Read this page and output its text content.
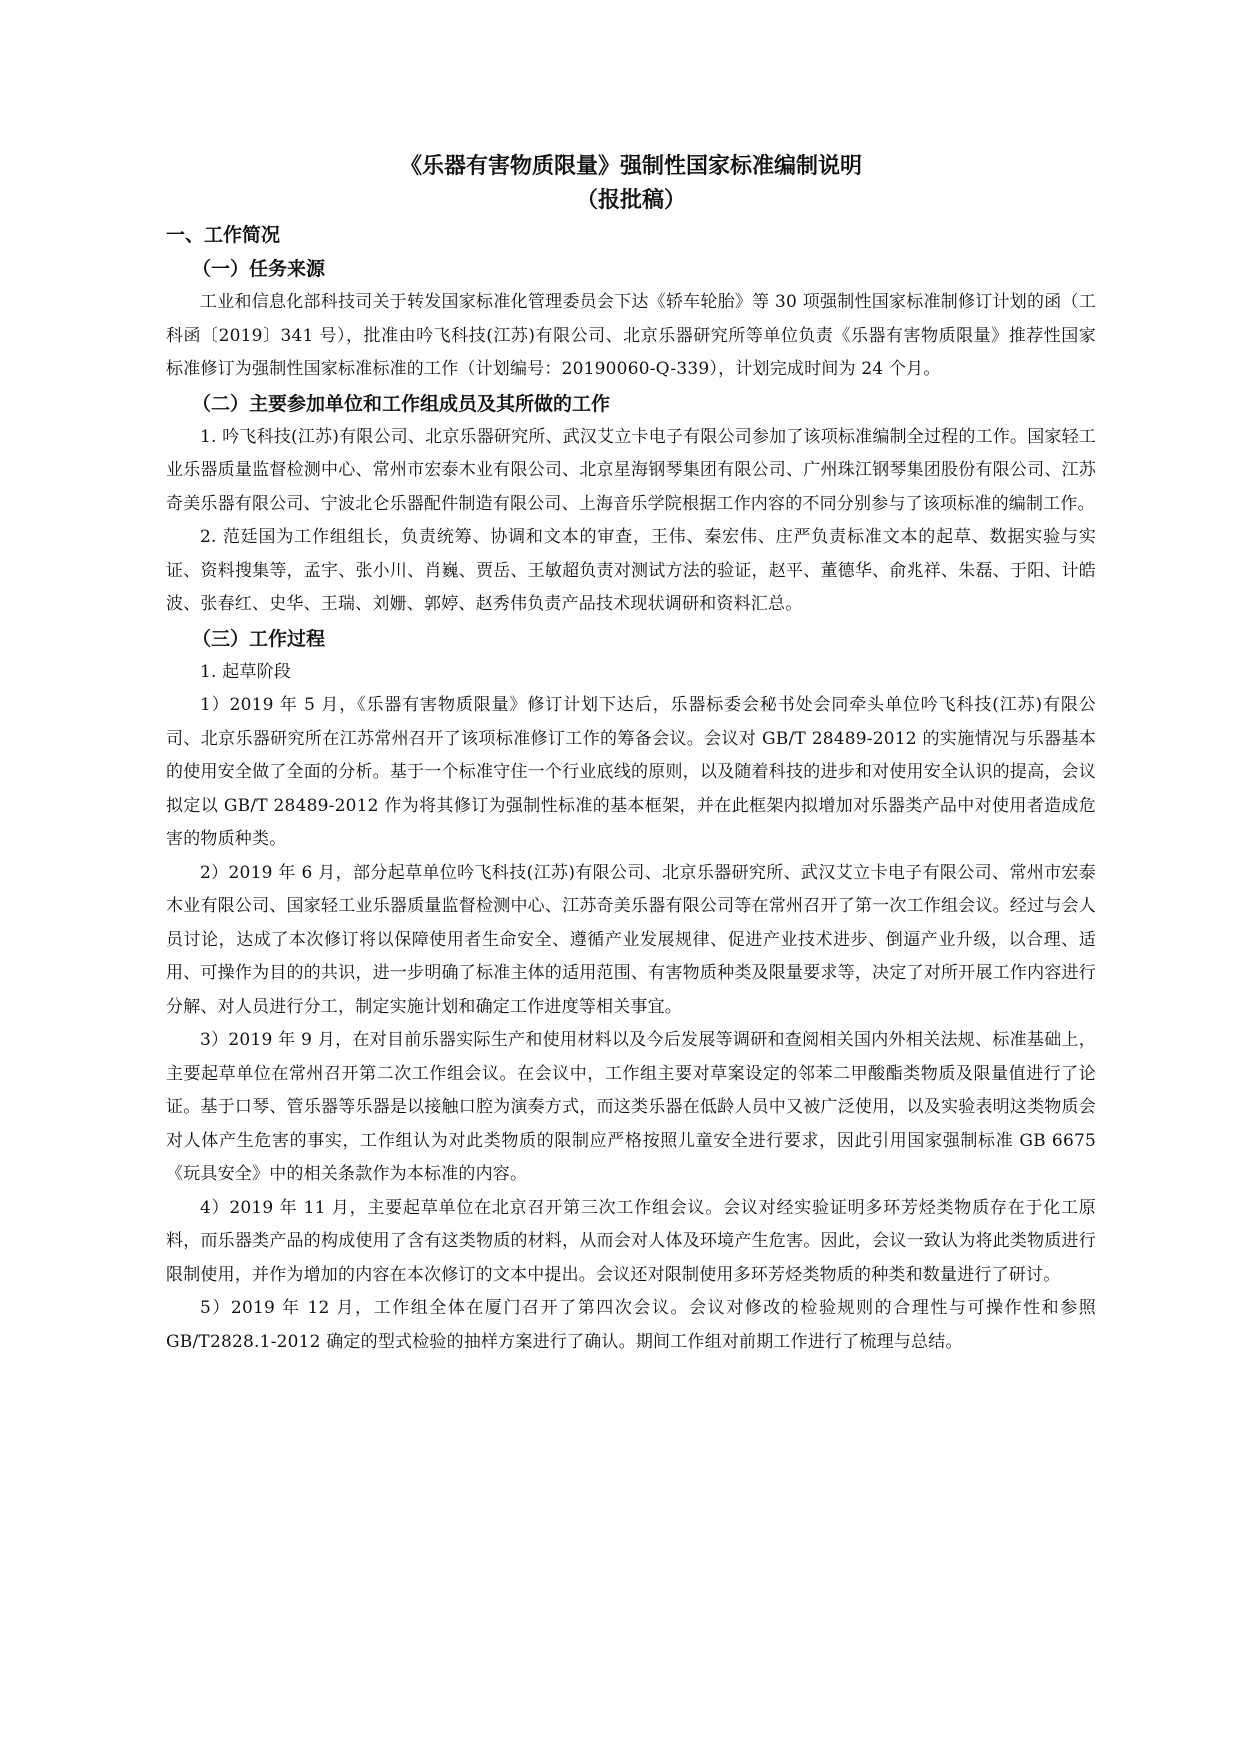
《乐器有害物质限量》强制性国家标准编制说明

（报批稿）

一、工作简况

（一）任务来源

工业和信息化部科技司关于转发国家标准化管理委员会下达《轿车轮胎》等 30 项强制性国家标准制修订计划的函（工科函〔2019〕341 号），批准由吟飞科技(江苏)有限公司、北京乐器研究所等单位负责《乐器有害物质限量》推荐性国家标准修订为强制性国家标准标准的工作（计划编号：20190060-Q-339），计划完成时间为 24 个月。

（二）主要参加单位和工作组成员及其所做的工作

1. 吟飞科技(江苏)有限公司、北京乐器研究所、武汉艾立卡电子有限公司参加了该项标准编制全过程的工作。国家轻工业乐器质量监督检测中心、常州市宏泰木业有限公司、北京星海钢琴集团有限公司、广州珠江钢琴集团股份有限公司、江苏奇美乐器有限公司、宁波北仑乐器配件制造有限公司、上海音乐学院根据工作内容的不同分别参与了该项标准的编制工作。

2. 范廷国为工作组组长，负责统筹、协调和文本的审查，王伟、秦宏伟、庄严负责标准文本的起草、数据实验与实证、资料搜集等，孟宇、张小川、肖巍、贾岳、王敏超负责对测试方法的验证，赵平、董德华、俞兆祥、朱磊、于阳、计皓波、张春红、史华、王瑞、刘姗、郭婷、赵秀伟负责产品技术现状调研和资料汇总。

（三）工作过程

1. 起草阶段

1）2019 年 5 月，《乐器有害物质限量》修订计划下达后，乐器标委会秘书处会同牵头单位吟飞科技(江苏)有限公司、北京乐器研究所在江苏常州召开了该项标准修订工作的筹备会议。会议对 GB/T 28489-2012 的实施情况与乐器基本的使用安全做了全面的分析。基于一个标准守住一个行业底线的原则，以及随着科技的进步和对使用安全认识的提高，会议拟定以 GB/T 28489-2012 作为将其修订为强制性标准的基本框架，并在此框架内拟增加对乐器类产品中对使用者造成危害的物质种类。

2）2019 年 6 月，部分起草单位吟飞科技(江苏)有限公司、北京乐器研究所、武汉艾立卡电子有限公司、常州市宏泰木业有限公司、国家轻工业乐器质量监督检测中心、江苏奇美乐器有限公司等在常州召开了第一次工作组会议。经过与会人员讨论，达成了本次修订将以保障使用者生命安全、遵循产业发展规律、促进产业技术进步、倒逼产业升级，以合理、适用、可操作为目的的共识，进一步明确了标准主体的适用范围、有害物质种类及限量要求等，决定了对所开展工作内容进行分解、对人员进行分工，制定实施计划和确定工作进度等相关事宜。

3）2019 年 9 月，在对目前乐器实际生产和使用材料以及今后发展等调研和查阅相关国内外相关法规、标准基础上，主要起草单位在常州召开第二次工作组会议。在会议中，工作组主要对草案设定的邻苯二甲酸酯类物质及限量值进行了论证。基于口琴、管乐器等乐器是以接触口腔为演奏方式，而这类乐器在低龄人员中又被广泛使用，以及实验表明这类物质会对人体产生危害的事实，工作组认为对此类物质的限制应严格按照儿童安全进行要求，因此引用国家强制标准 GB 6675《玩具安全》中的相关条款作为本标准的内容。

4）2019 年 11 月，主要起草单位在北京召开第三次工作组会议。会议对经实验证明多环芳烃类物质存在于化工原料，而乐器类产品的构成使用了含有这类物质的材料，从而会对人体及环境产生危害。因此，会议一致认为将此类物质进行限制使用，并作为增加的内容在本次修订的文本中提出。会议还对限制使用多环芳烃类物质的种类和数量进行了研讨。

5）2019 年 12 月，工作组全体在厦门召开了第四次会议。会议对修改的检验规则的合理性与可操作性和参照 GB/T2828.1-2012 确定的型式检验的抽样方案进行了确认。期间工作组对前期工作进行了梳理与总结。
